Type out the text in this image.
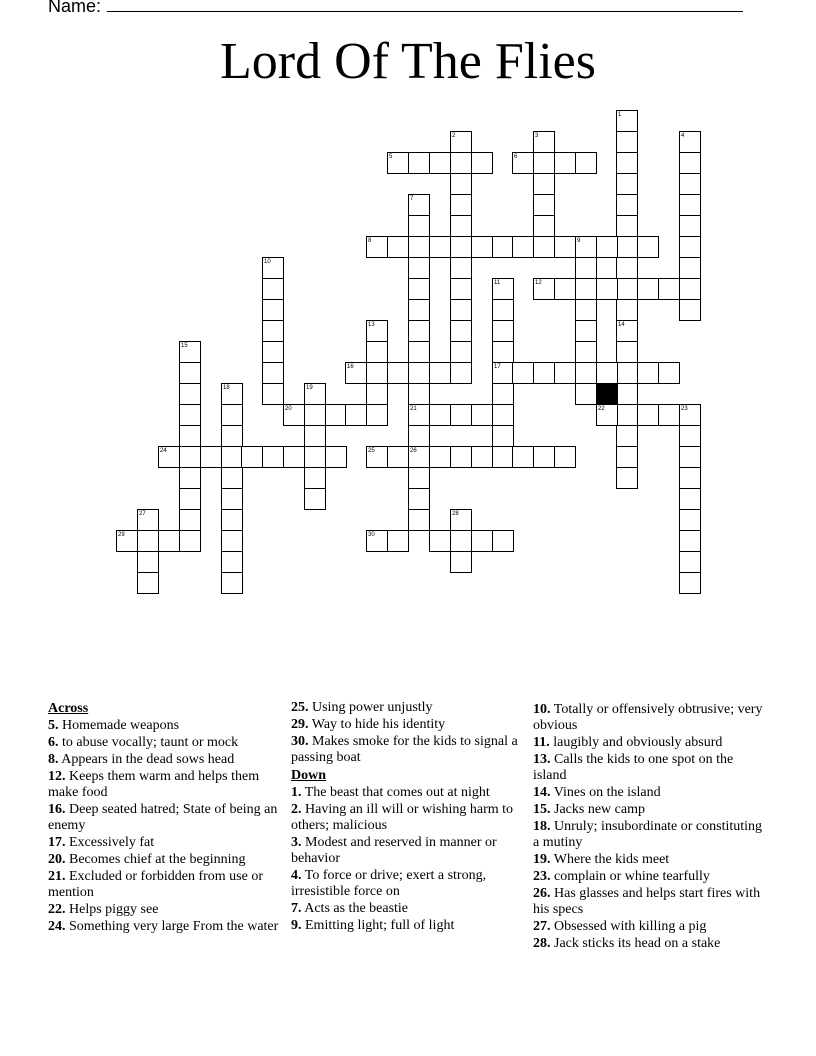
Name:
Lord Of The Flies
1
2	3	4
5	6
7
8	9
10
11	12
13	14
15
16	17
18	19
20	21	22	23
24	25	26
27	28
29	30
Across
5. Homemade weapons
6. to abuse vocally; taunt or mock
8. Appears in the dead sows head
12. Keeps them warm and helps them make food
16. Deep seated hatred; State of being an enemy
17. Excessively fat
20. Becomes chief at the beginning
21. Excluded or forbidden from use or mention
22. Helps piggy see
24. Something very large From the water
25. Using power unjustly
29. Way to hide his identity
30. Makes smoke for the kids to signal a passing boat
Down
1. The beast that comes out at night
2. Having an ill will or wishing harm to others; malicious
3. Modest and reserved in manner or behavior
4. To force or drive; exert a strong, irresistible force on
7. Acts as the beastie
9. Emitting light; full of light
10. Totally or offensively obtrusive; very obvious
11. laugibly and obviously absurd
13. Calls the kids to one spot on the island
14. Vines on the island
15. Jacks new camp
18. Unruly; insubordinate or constituting a mutiny
19. Where the kids meet
23. complain or whine tearfully
26. Has glasses and helps start fires with his specs
27. Obsessed with killing a pig
28. Jack sticks its head on a stake
